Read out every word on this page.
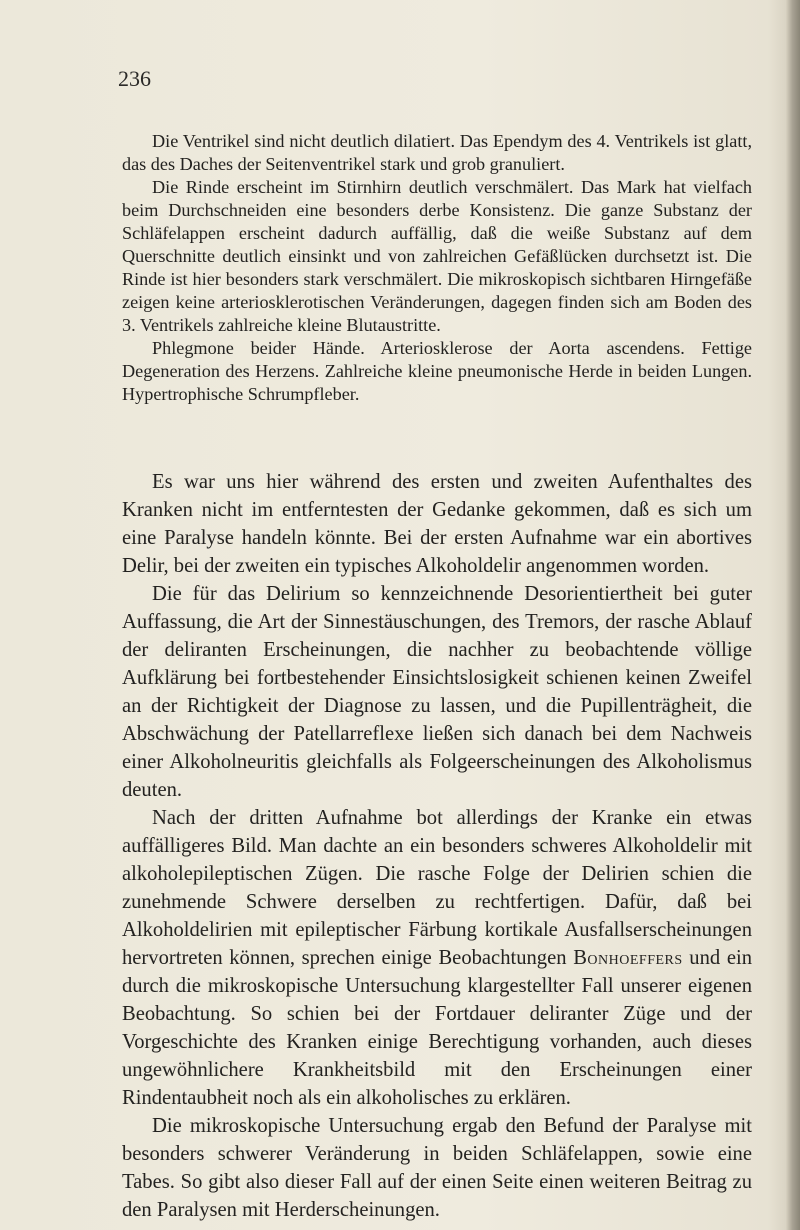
236

Die Ventrikel sind nicht deutlich dilatiert. Das Ependym des 4. Ventrikels ist glatt, das des Daches der Seitenventrikel stark und grob granuliert.

Die Rinde erscheint im Stirnhirn deutlich verschmälert. Das Mark hat vielfach beim Durchschneiden eine besonders derbe Konsistenz. Die ganze Substanz der Schläfelappen erscheint dadurch auffällig, daß die weiße Substanz auf dem Querschnitte deutlich einsinkt und von zahlreichen Gefäßlücken durchsetzt ist. Die Rinde ist hier besonders stark verschmälert. Die mikroskopisch sichtbaren Hirngefäße zeigen keine arteriosklerotischen Veränderungen, dagegen finden sich am Boden des 3. Ventrikels zahlreiche kleine Blutaustritte.

Phlegmone beider Hände. Arteriosklerose der Aorta ascendens. Fettige Degeneration des Herzens. Zahlreiche kleine pneumonische Herde in beiden Lungen. Hypertrophische Schrumpfleber.

Es war uns hier während des ersten und zweiten Aufenthaltes des Kranken nicht im entferntesten der Gedanke gekommen, daß es sich um eine Paralyse handeln könnte. Bei der ersten Aufnahme war ein abortives Delir, bei der zweiten ein typisches Alkoholdelir angenommen worden.

Die für das Delirium so kennzeichnende Desorientiertheit bei guter Auffassung, die Art der Sinnestäuschungen, des Tremors, der rasche Ablauf der deliranten Erscheinungen, die nachher zu beobachtende völlige Aufklärung bei fortbestehender Einsichtslosigkeit schienen keinen Zweifel an der Richtigkeit der Diagnose zu lassen, und die Pupillenträgheit, die Abschwächung der Patellarreflexe ließen sich danach bei dem Nachweis einer Alkoholneuritis gleichfalls als Folgeerscheinungen des Alkoholismus deuten.

Nach der dritten Aufnahme bot allerdings der Kranke ein etwas auffälligeres Bild. Man dachte an ein besonders schweres Alkoholdelir mit alkoholepileptischen Zügen. Die rasche Folge der Delirien schien die zunehmende Schwere derselben zu rechtfertigen. Dafür, daß bei Alkoholdelirien mit epileptischer Färbung kortikale Ausfallserscheinungen hervortreten können, sprechen einige Beobachtungen Bonhoeffers und ein durch die mikroskopische Untersuchung klargestellter Fall unserer eigenen Beobachtung. So schien bei der Fortdauer deliranter Züge und der Vorgeschichte des Kranken einige Berechtigung vorhanden, auch dieses ungewöhnlichere Krankheitsbild mit den Erscheinungen einer Rindentaubheit noch als ein alkoholisches zu erklären.

Die mikroskopische Untersuchung ergab den Befund der Paralyse mit besonders schwerer Veränderung in beiden Schläfelappen, sowie eine Tabes. So gibt also dieser Fall auf der einen Seite einen weiteren Beitrag zu den Paralysen mit Herderscheinungen.
